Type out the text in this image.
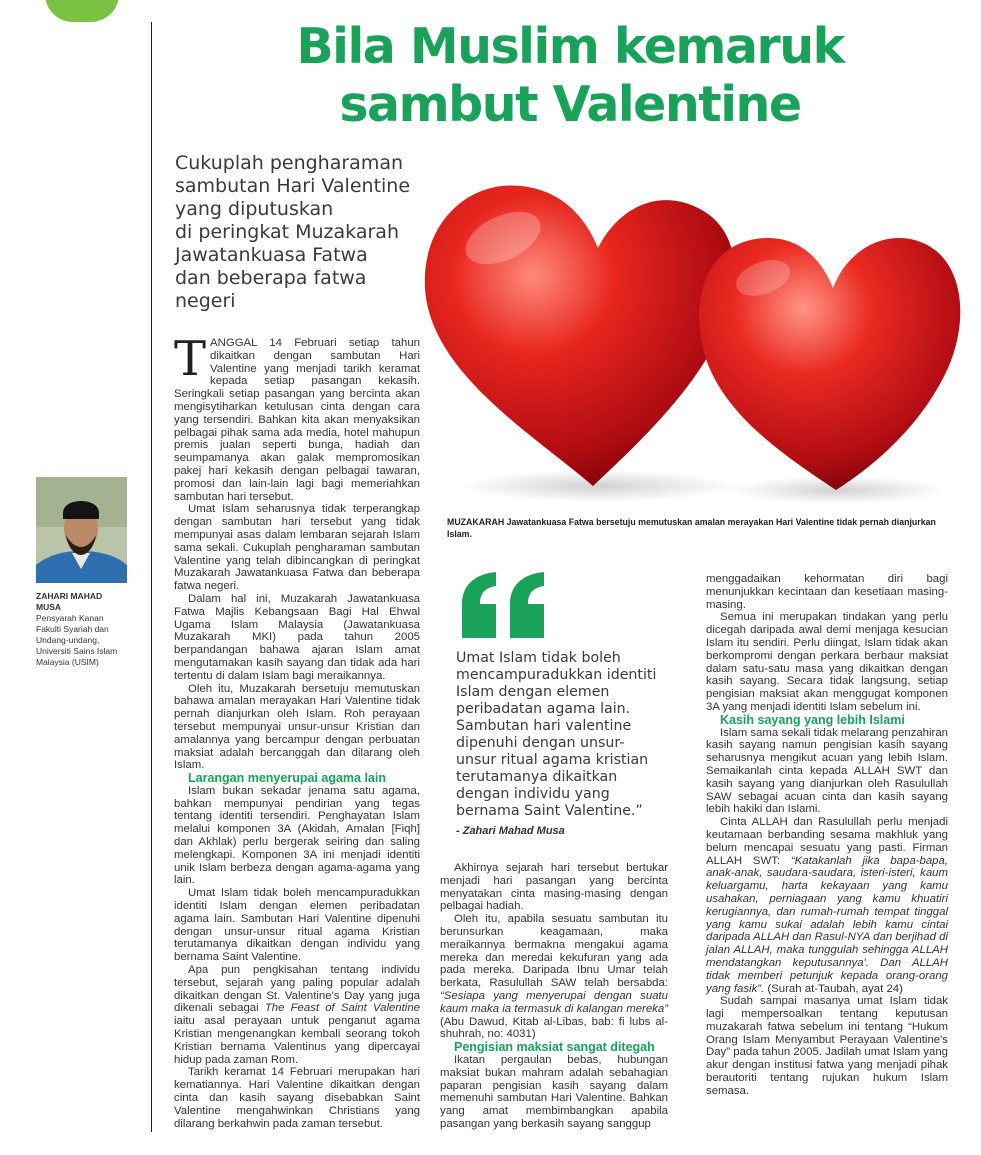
Bila Muslim kemaruk
sambut Valentine
Cukuplah pengharaman
sambutan Hari Valentine
yang diputuskan
di peringkat Muzakarah
Jawatankuasa Fatwa
dan beberapa fatwa
negeri

TANGGAL 14 Februari setiap tahun dikaitkan dengan sambutan Hari Valentine yang menjadi tarikh keramat kepada setiap pasangan kekasih. Seringkali setiap pasangan yang bercinta akan mengisytiharkan ketulusan cinta dengan cara yang tersendiri. Bahkan kita akan menyaksikan pelbagai pihak sama ada media, hotel mahupun premis jualan seperti bunga, hadiah dan seumpamanya akan galak mempromosikan pakej hari kekasih dengan pelbagai tawaran, promosi dan lain-lain lagi bagi memeriahkan sambutan hari tersebut.

Umat Islam seharusnya tidak terperangkap dengan sambutan hari tersebut yang tidak mempunyai asas dalam lembaran sejarah Islam sama sekali. Cukuplah pengharaman sambutan Valentine yang telah dibincangkan di peringkat Muzakarah Jawatankuasa Fatwa dan beberapa fatwa negeri.

Dalam hal ini, Muzakarah Jawatankuasa Fatwa Majlis Kebangsaan Bagi Hal Ehwal Ugama Islam Malaysia (Jawatankuasa Muzakarah MKI) pada tahun 2005 berpandangan bahawa ajaran Islam amat mengutamakan kasih sayang dan tidak ada hari tertentu di dalam Islam bagi meraikannya.

Oleh itu, Muzakarah bersetuju memutuskan bahawa amalan merayakan Hari Valentine tidak pernah dianjurkan oleh Islam. Roh perayaan tersebut mempunyai unsur-unsur Kristian dan amalannya yang bercampur dengan perbuatan maksiat adalah bercanggah dan dilarang oleh Islam.

Larangan menyerupai agama lain

Islam bukan sekadar jenama satu agama, bahkan mempunyai pendirian yang tegas tentang identiti tersendiri. Penghayatan Islam melalui komponen 3A (Akidah, Amalan [Fiqh] dan Akhlak) perlu bergerak seiring dan saling melengkapi. Komponen 3A ini menjadi identiti unik Islam berbeza dengan agama-agama yang lain.

Umat Islam tidak boleh mencampuradukkan identiti Islam dengan elemen peribadatan agama lain. Sambutan Hari Valentine dipenuhi dengan unsur-unsur ritual agama Kristian terutamanya dikaitkan dengan individu yang bernama Saint Valentine.

Apa pun pengkisahan tentang individu tersebut, sejarah yang paling popular adalah dikaitkan dengan St. Valentine's Day yang juga dikenali sebagai The Feast of Saint Valentine iaitu asal perayaan untuk penganut agama Kristian mengenangkan kembali seorang tokoh Kristian bernama Valentinus yang dipercayai hidup pada zaman Rom.

Tarikh keramat 14 Februari merupakan hari kematiannya. Hari Valentine dikaitkan dengan cinta dan kasih sayang disebabkan Saint Valentine mengahwinkan Christians yang dilarang berkahwin pada zaman tersebut.

MUZAKARAH Jawatankuasa Fatwa bersetuju memutuskan amalan merayakan Hari Valentine tidak pernah dianjurkan Islam.
Umat Islam tidak boleh
mencampuradukkan identiti
Islam dengan elemen
peribadatan agama lain.
Sambutan hari valentine
dipenuhi dengan unsur-
unsur ritual agama kristian
terutamanya dikaitkan
dengan individu yang
bernama Saint Valentine.”
- Zahari Mahad Musa

Akhirnya sejarah hari tersebut bertukar menjadi hari pasangan yang bercinta menyatakan cinta masing-masing dengan pelbagai hadiah.

Oleh itu, apabila sesuatu sambutan itu berunsurkan keagamaan, maka meraikannya bermakna mengakui agama mereka dan meredai kekufuran yang ada pada mereka. Daripada Ibnu Umar telah berkata, Rasulullah SAW telah bersabda: “Sesiapa yang menyerupai dengan suatu kaum maka ia termasuk di kalangan mereka” (Abu Dawud, Kitab al-Libas, bab: fi lubs al-shuhrah, no: 4031)

Pengisian maksiat sangat ditegah

Ikatan pergaulan bebas, hubungan maksiat bukan mahram adalah sebahagian paparan pengisian kasih sayang dalam memenuhi sambutan Hari Valentine. Bahkan yang amat membimbangkan apabila pasangan yang berkasih sayang sanggup

menggadaikan kehormatan diri bagi menunjukkan kecintaan dan kesetiaan masing-masing.

Semua ini merupakan tindakan yang perlu dicegah daripada awal demi menjaga kesucian Islam itu sendiri. Perlu diingat, Islam tidak akan berkompromi dengan perkara berbaur maksiat dalam satu-satu masa yang dikaitkan dengan kasih sayang. Secara tidak langsung, setiap pengisian maksiat akan menggugat komponen 3A yang menjadi identiti Islam sebelum ini.

Kasih sayang yang lebih Islami

Islam sama sekali tidak melarang penzahiran kasih sayang namun pengisian kasih sayang seharusnya mengikut acuan yang lebih Islam. Semaikanlah cinta kepada ALLAH SWT dan kasih sayang yang dianjurkan oleh Rasulullah SAW sebagai acuan cinta dan kasih sayang lebih hakiki dan Islami.

Cinta ALLAH dan Rasulullah perlu menjadi keutamaan berbanding sesama makhluk yang belum mencapai sesuatu yang pasti. Firman ALLAH SWT: “Katakanlah jika bapa-bapa, anak-anak, saudara-saudara, isteri-isteri, kaum keluargamu, harta kekayaan yang kamu usahakan, perniagaan yang kamu khuatiri kerugiannya, dan rumah-rumah tempat tinggal yang kamu sukai adalah lebih kamu cintai daripada ALLAH dan Rasul-NYA dan berjihad di jalan ALLAH, maka tunggulah sehingga ALLAH mendatangkan keputusannya'. Dan ALLAH tidak memberi petunjuk kepada orang-orang yang fasik”. (Surah at-Taubah, ayat 24)

Sudah sampai masanya umat Islam tidak lagi mempersoalkan tentang keputusan muzakarah fatwa sebelum ini tentang “Hukum Orang Islam Menyambut Perayaan Valentine's Day” pada tahun 2005. Jadilah umat Islam yang akur dengan institusi fatwa yang menjadi pihak berautoriti tentang rujukan hukum Islam semasa.

ZAHARI MAHAD
MUSA
Pensyarah Kanan
Fakulti Syariah dan
Undang-undang,
Universiti Sains Islam
Malaysia (USIM)
